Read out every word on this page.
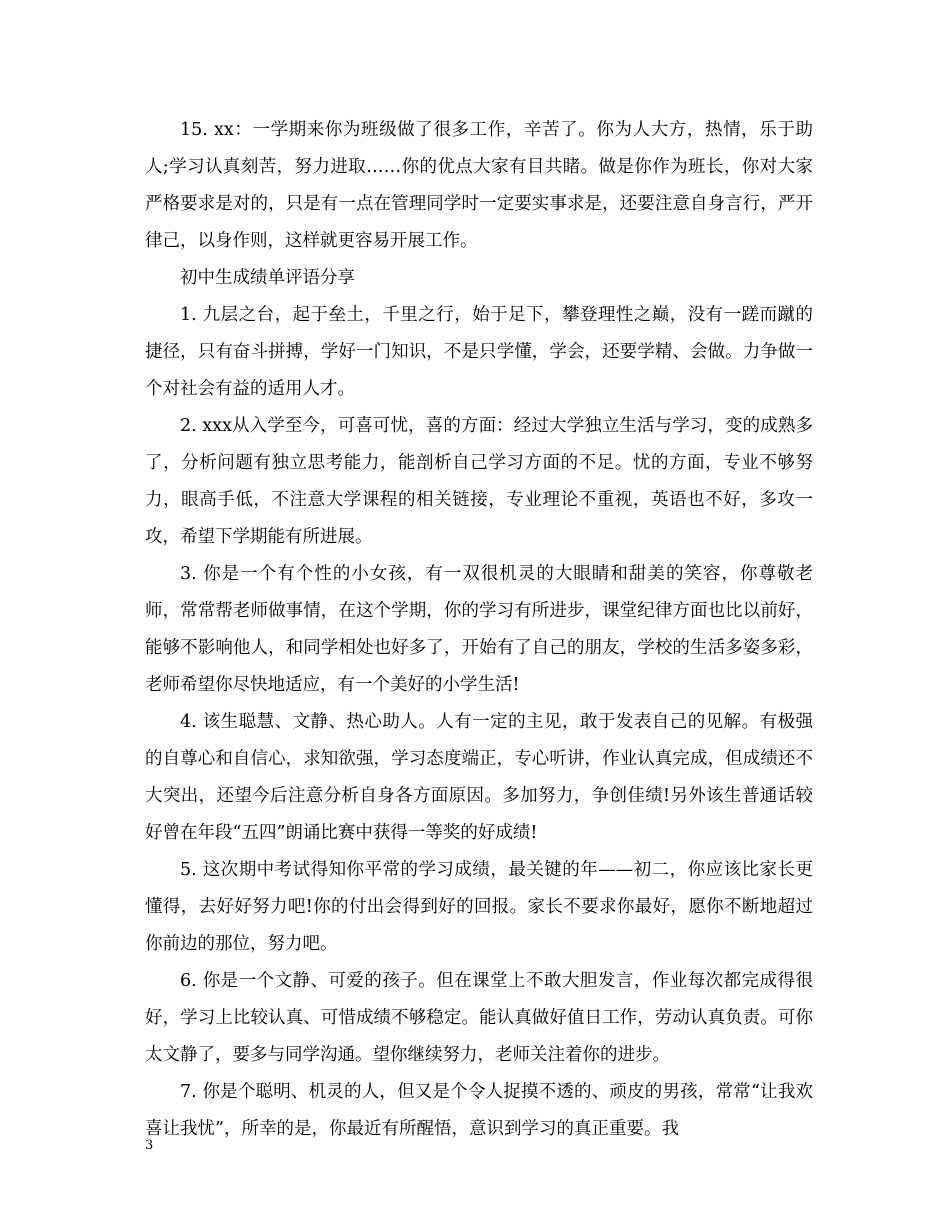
15. xx：一学期来你为班级做了很多工作，辛苦了。你为人大方，热情，乐于助人;学习认真刻苦，努力进取……你的优点大家有目共睹。做是你作为班长，你对大家严格要求是对的，只是有一点在管理同学时一定要实事求是，还要注意自身言行，严开律己，以身作则，这样就更容易开展工作。

初中生成绩单评语分享

1. 九层之台，起于垒土，千里之行，始于足下，攀登理性之巅，没有一蹉而蹴的捷径，只有奋斗拼搏，学好一门知识，不是只学懂，学会，还要学精、会做。力争做一个对社会有益的适用人才。

2. xxx从入学至今，可喜可忧，喜的方面：经过大学独立生活与学习，变的成熟多了，分析问题有独立思考能力，能剖析自己学习方面的不足。忧的方面，专业不够努力，眼高手低，不注意大学课程的相关链接，专业理论不重视，英语也不好，多攻一攻，希望下学期能有所进展。

3. 你是一个有个性的小女孩，有一双很机灵的大眼睛和甜美的笑容，你尊敬老师，常常帮老师做事情，在这个学期，你的学习有所进步，课堂纪律方面也比以前好，能够不影响他人，和同学相处也好多了，开始有了自己的朋友，学校的生活多姿多彩，老师希望你尽快地适应，有一个美好的小学生活!

4. 该生聪慧、文静、热心助人。人有一定的主见，敢于发表自己的见解。有极强的自尊心和自信心，求知欲强，学习态度端正，专心听讲，作业认真完成，但成绩还不大突出，还望今后注意分析自身各方面原因。多加努力，争创佳绩!另外该生普通话较好曾在年段“五四”朗诵比赛中获得一等奖的好成绩!

5. 这次期中考试得知你平常的学习成绩，最关键的年——初二，你应该比家长更懂得，去好好努力吧!你的付出会得到好的回报。家长不要求你最好，愿你不断地超过你前边的那位，努力吧。

6. 你是一个文静、可爱的孩子。但在课堂上不敢大胆发言，作业每次都完成得很好，学习上比较认真、可惜成绩不够稳定。能认真做好值日工作，劳动认真负责。可你太文静了，要多与同学沟通。望你继续努力，老师关注着你的进步。

7. 你是个聪明、机灵的人，但又是个令人捉摸不透的、顽皮的男孩，常常“让我欢喜让我忧”，所幸的是，你最近有所醒悟，意识到学习的真正重要。我

3
